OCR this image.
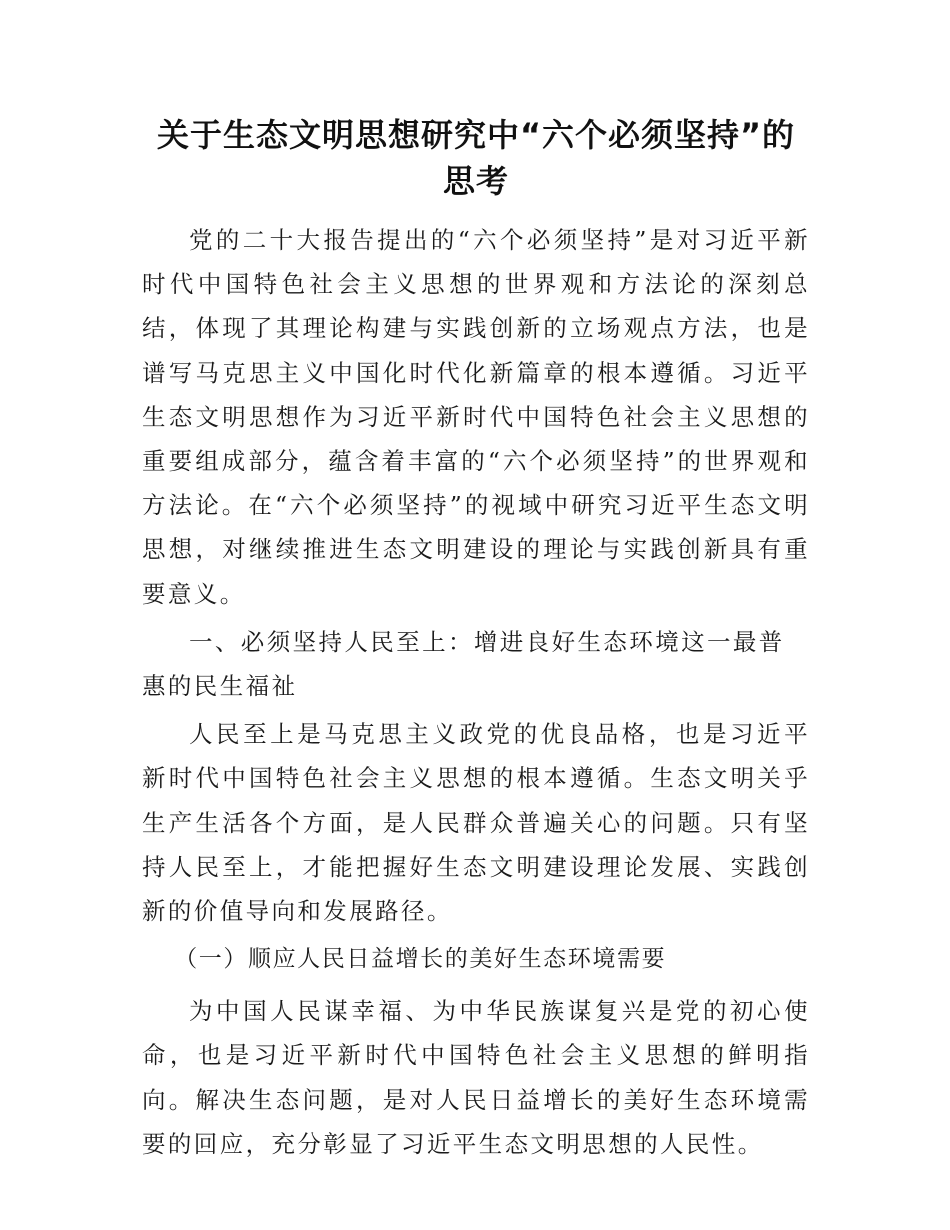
关于生态文明思想研究中“六个必须坚持”的
思考

党的二十大报告提出的“六个必须坚持”是对习近平新时代中国特色社会主义思想的世界观和方法论的深刻总结，体现了其理论构建与实践创新的立场观点方法，也是谱写马克思主义中国化时代化新篇章的根本遵循。习近平生态文明思想作为习近平新时代中国特色社会主义思想的重要组成部分，蕴含着丰富的“六个必须坚持”的世界观和方法论。在“六个必须坚持”的视域中研究习近平生态文明思想，对继续推进生态文明建设的理论与实践创新具有重要意义。

一、必须坚持人民至上：增进良好生态环境这一最普惠的民生福祉

人民至上是马克思主义政党的优良品格，也是习近平新时代中国特色社会主义思想的根本遵循。生态文明关乎生产生活各个方面，是人民群众普遍关心的问题。只有坚持人民至上，才能把握好生态文明建设理论发展、实践创新的价值导向和发展路径。

（一）顺应人民日益增长的美好生态环境需要

为中国人民谋幸福、为中华民族谋复兴是党的初心使命，也是习近平新时代中国特色社会主义思想的鲜明指向。解决生态问题，是对人民日益增长的美好生态环境需要的回应，充分彰显了习近平生态文明思想的人民性。
